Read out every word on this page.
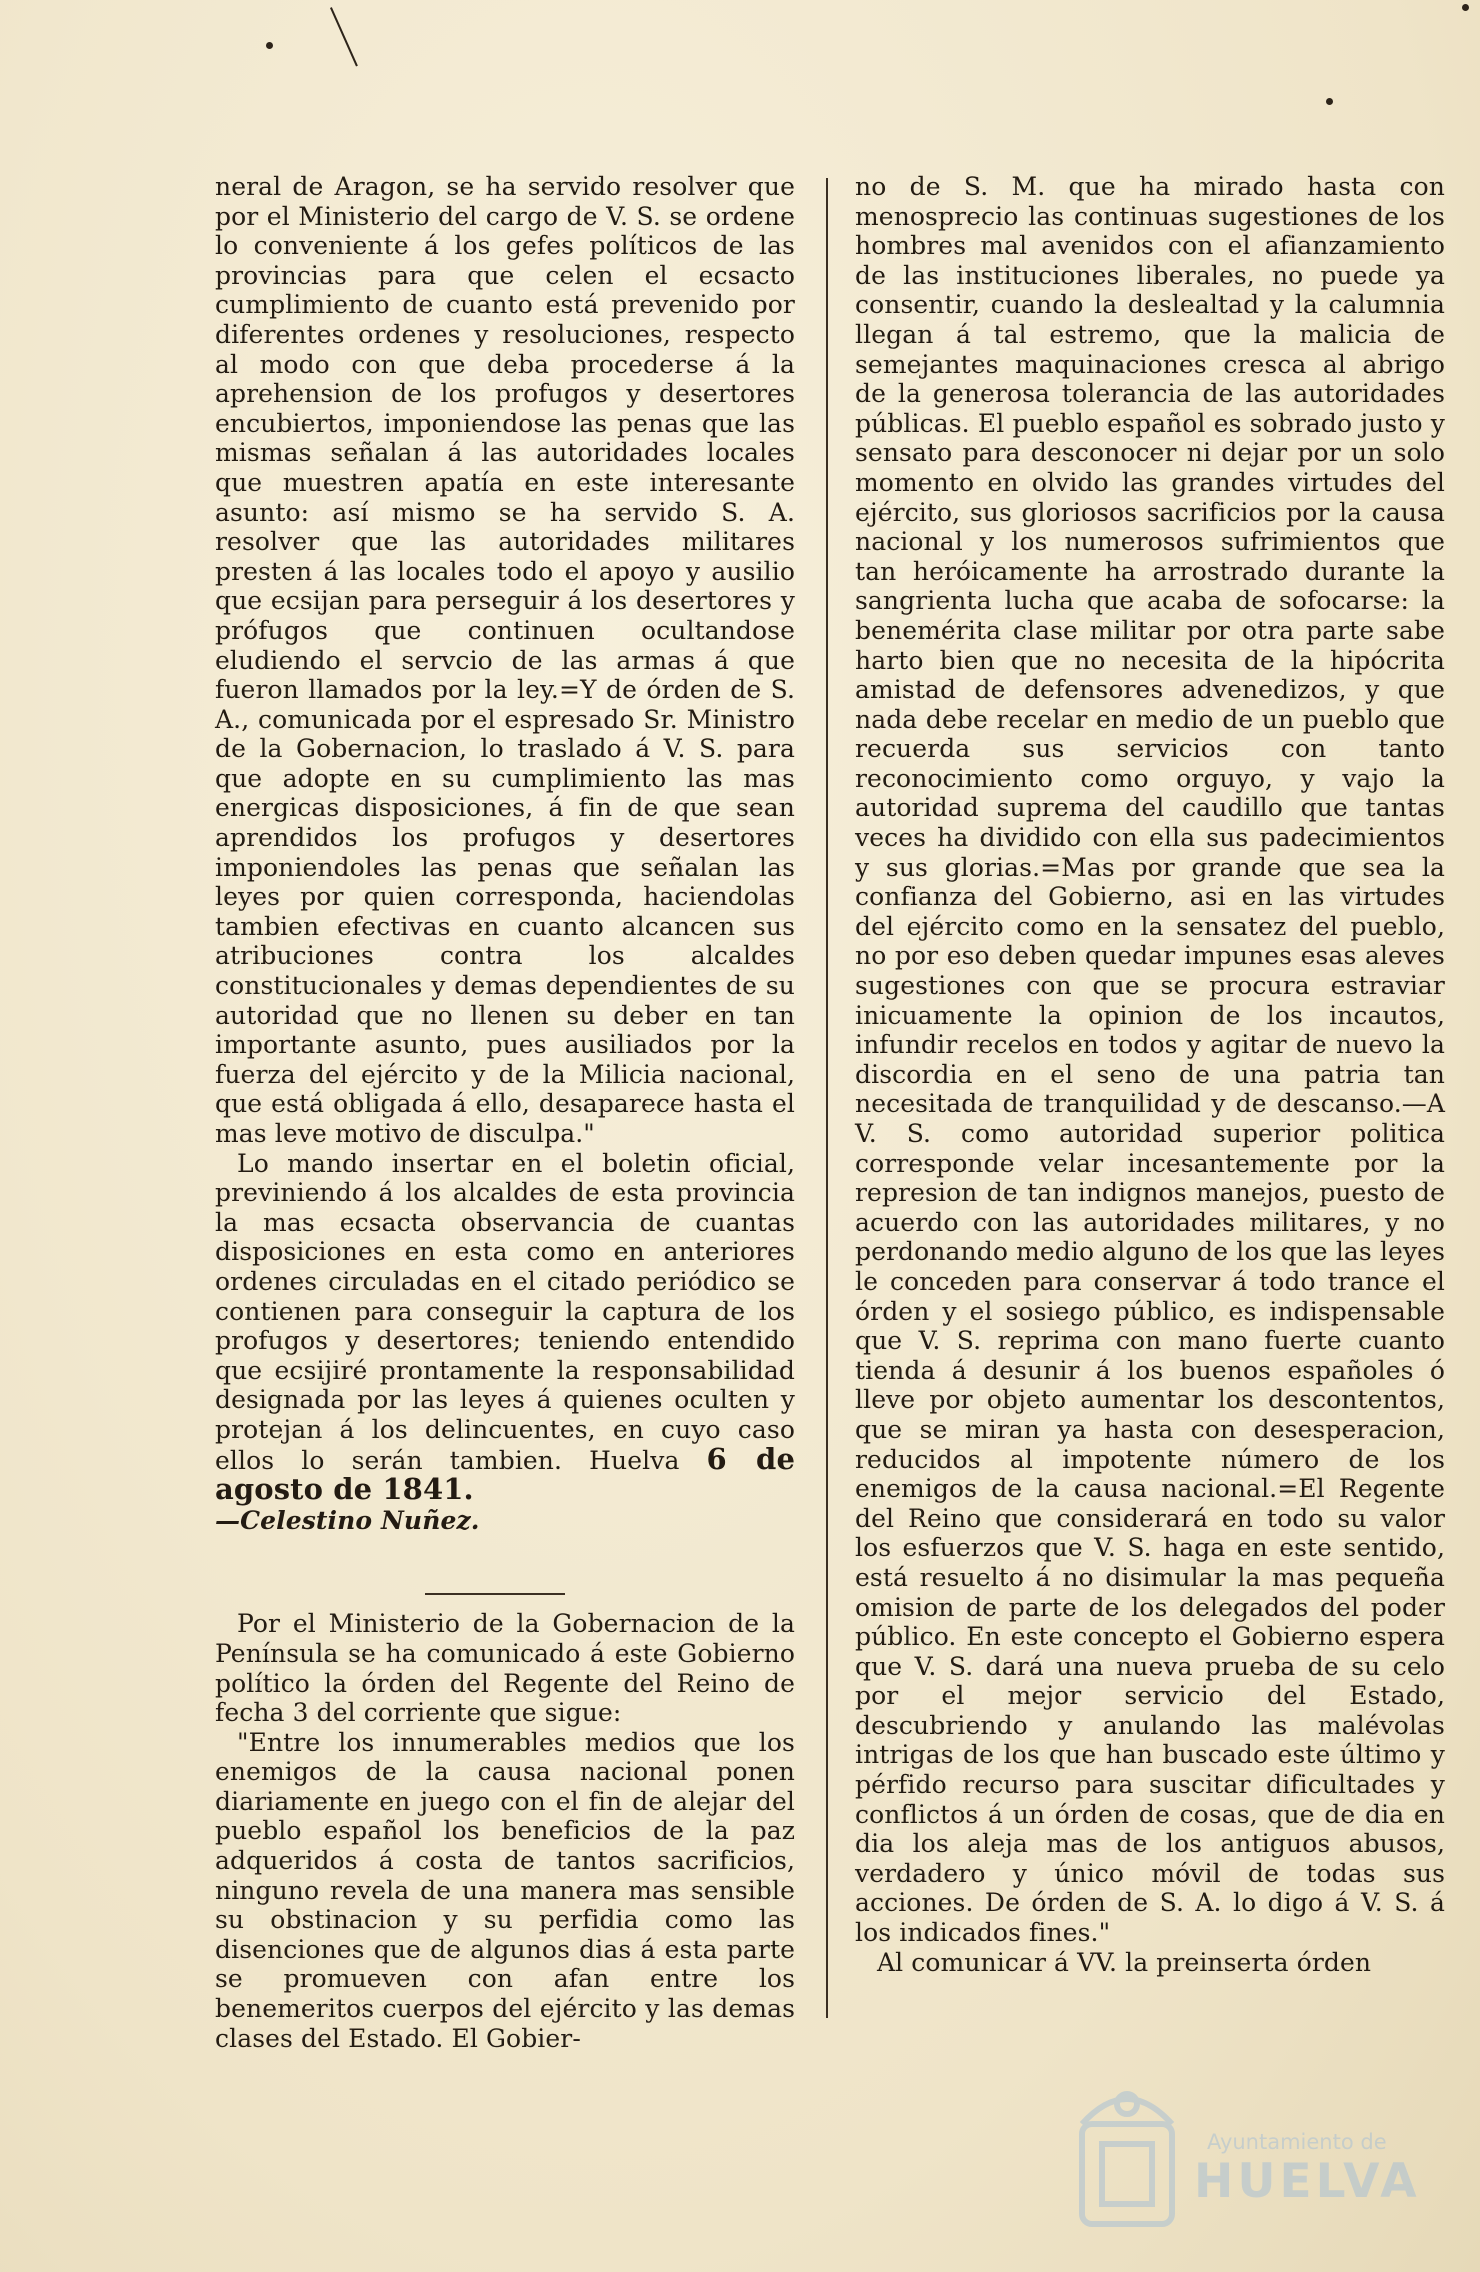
neral de Aragon, se ha servido resolver que por el Ministerio del cargo de V. S. se ordene lo conveniente á los gefes políticos de las provincias para que celen el ecsacto cumplimiento de cuanto está prevenido por diferentes ordenes y resoluciones, respecto al modo con que deba procederse á la aprehension de los profugos y desertores encubiertos, imponiendose las penas que las mismas señalan á las autoridades locales que muestren apatía en este interesante asunto: así mismo se ha servido S. A. resolver que las autoridades militares presten á las locales todo el apoyo y ausilio que ecsijan para perseguir á los desertores y prófugos que continuen ocultandose eludiendo el servcio de las armas á que fueron llamados por la ley.=Y de órden de S. A., comunicada por el espresado Sr. Ministro de la Gobernacion, lo traslado á V. S. para que adopte en su cumplimiento las mas energicas disposiciones, á fin de que sean aprendidos los profugos y desertores imponiendoles las penas que señalan las leyes por quien corresponda, haciendolas tambien efectivas en cuanto alcancen sus atribuciones contra los alcaldes constitucionales y demas dependientes de su autoridad que no llenen su deber en tan importante asunto, pues ausiliados por la fuerza del ejército y de la Milicia nacional, que está obligada á ello, desaparece hasta el mas leve motivo de disculpa."

Lo mando insertar en el boletin oficial, previniendo á los alcaldes de esta provincia la mas ecsacta observancia de cuantas disposiciones en esta como en anteriores ordenes circuladas en el citado periódico se contienen para conseguir la captura de los profugos y desertores; teniendo entendido que ecsijiré prontamente la responsabilidad designada por las leyes á quienes oculten y protejan á los delincuentes, en cuyo caso ellos lo serán tambien. Huelva 6 de agosto de 1841.

—Celestino Nuñez.

Por el Ministerio de la Gobernacion de la Península se ha comunicado á este Gobierno político la órden del Regente del Reino de fecha 3 del corriente que sigue:

"Entre los innumerables medios que los enemigos de la causa nacional ponen diariamente en juego con el fin de alejar del pueblo español los beneficios de la paz adqueridos á costa de tantos sacrificios, ninguno revela de una manera mas sensible su obstinacion y su perfidia como las disenciones que de algunos dias á esta parte se promueven con afan entre los benemeritos cuerpos del ejército y las demas clases del Estado. El Gobier-

no de S. M. que ha mirado hasta con menosprecio las continuas sugestiones de los hombres mal avenidos con el afianzamiento de las instituciones liberales, no puede ya consentir, cuando la deslealtad y la calumnia llegan á tal estremo, que la malicia de semejantes maquinaciones cresca al abrigo de la generosa tolerancia de las autoridades públicas. El pueblo español es sobrado justo y sensato para desconocer ni dejar por un solo momento en olvido las grandes virtudes del ejército, sus gloriosos sacrificios por la causa nacional y los numerosos sufrimientos que tan heróicamente ha arrostrado durante la sangrienta lucha que acaba de sofocarse: la benemérita clase militar por otra parte sabe harto bien que no necesita de la hipócrita amistad de defensores advenedizos, y que nada debe recelar en medio de un pueblo que recuerda sus servicios con tanto reconocimiento como orguyo, y vajo la autoridad suprema del caudillo que tantas veces ha dividido con ella sus padecimientos y sus glorias.=Mas por grande que sea la confianza del Gobierno, asi en las virtudes del ejército como en la sensatez del pueblo, no por eso deben quedar impunes esas aleves sugestiones con que se procura estraviar inicuamente la opinion de los incautos, infundir recelos en todos y agitar de nuevo la discordia en el seno de una patria tan necesitada de tranquilidad y de descanso.—A V. S. como autoridad superior politica corresponde velar incesantemente por la represion de tan indignos manejos, puesto de acuerdo con las autoridades militares, y no perdonando medio alguno de los que las leyes le conceden para conservar á todo trance el órden y el sosiego público, es indispensable que V. S. reprima con mano fuerte cuanto tienda á desunir á los buenos españoles ó lleve por objeto aumentar los descontentos, que se miran ya hasta con desesperacion, reducidos al impotente número de los enemigos de la causa nacional.=El Regente del Reino que considerará en todo su valor los esfuerzos que V. S. haga en este sentido, está resuelto á no disimular la mas pequeña omision de parte de los delegados del poder público. En este concepto el Gobierno espera que V. S. dará una nueva prueba de su celo por el mejor servicio del Estado, descubriendo y anulando las malévolas intrigas de los que han buscado este último y pérfido recurso para suscitar dificultades y conflictos á un órden de cosas, que de dia en dia los aleja mas de los antiguos abusos, verdadero y único móvil de todas sus acciones. De órden de S. A. lo digo á V. S. á los indicados fines."

Al comunicar á VV. la preinserta órden

Ayuntamiento de
HUELVA
